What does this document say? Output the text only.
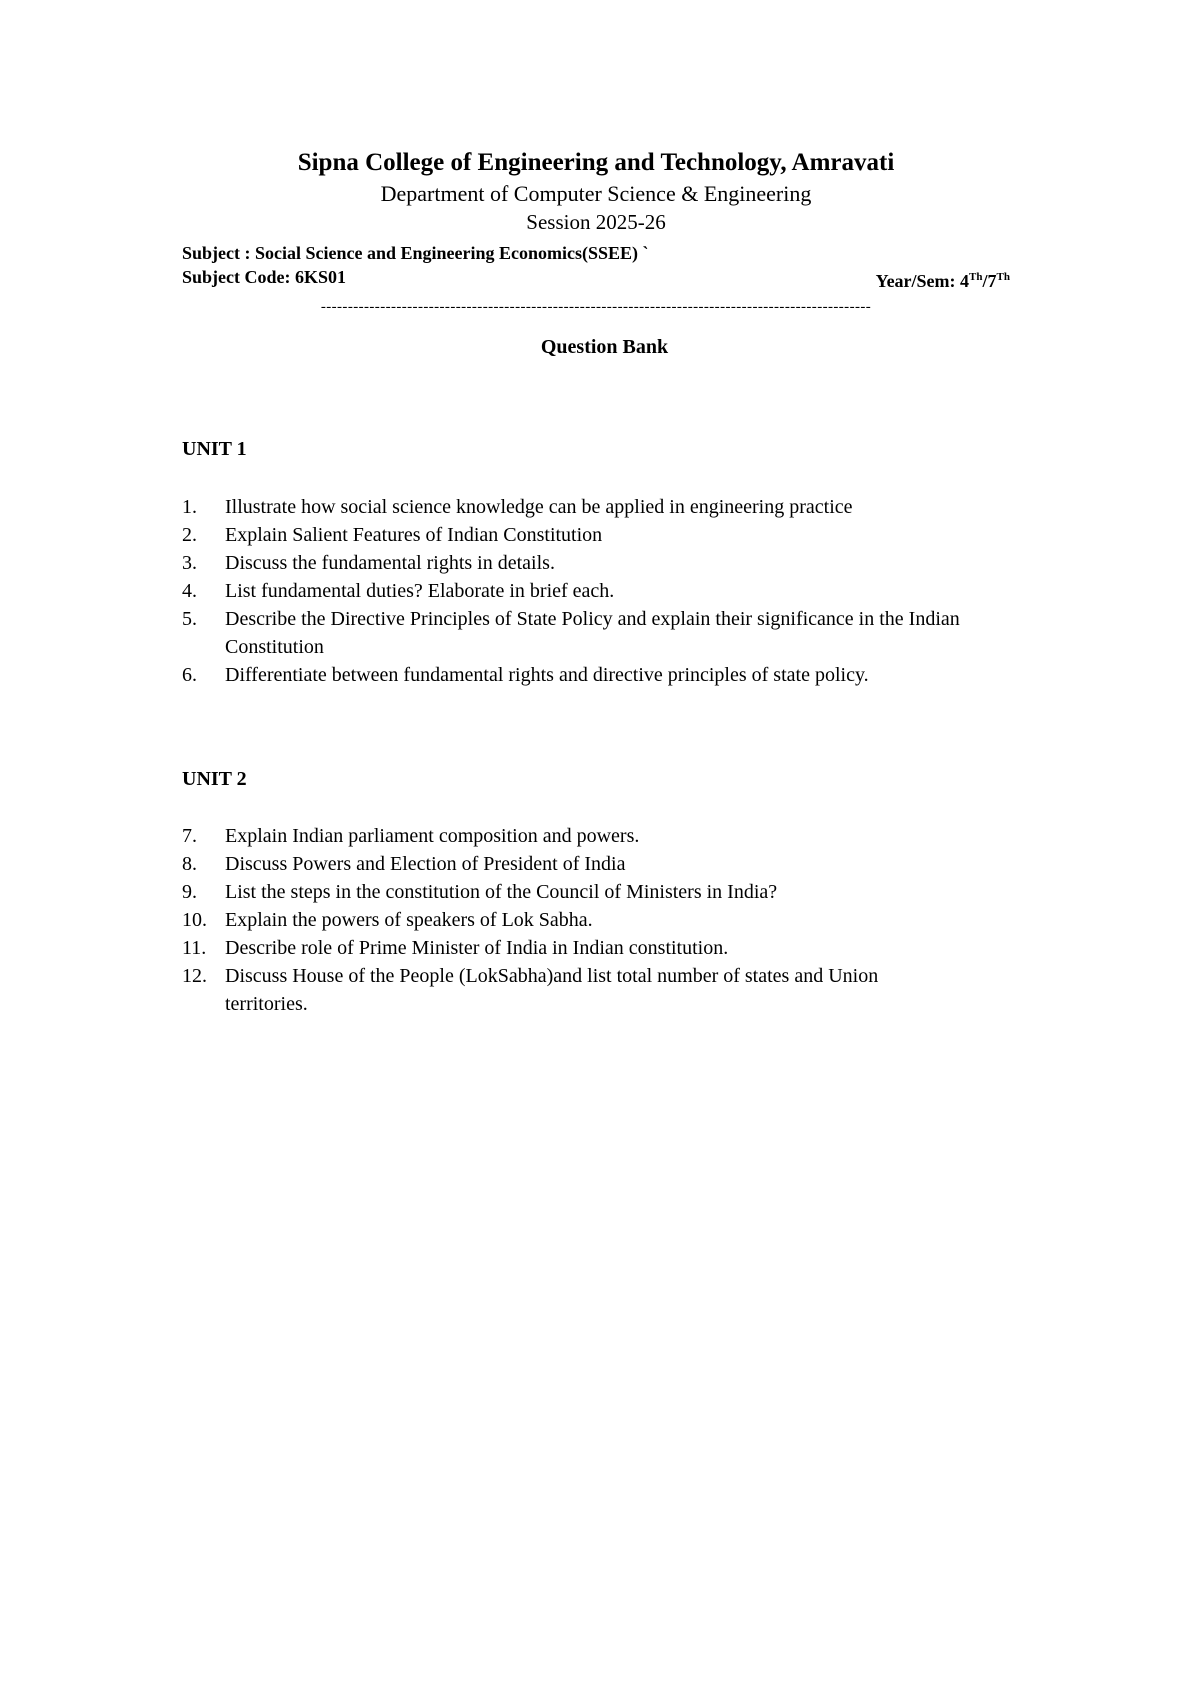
Sipna College of Engineering and Technology, Amravati

Department of Computer Science & Engineering

Session 2025-26

Subject : Social Science and Engineering Economics(SSEE) `
Subject Code: 6KS01	Year/Sem: 4Th/7Th
------------------------------------------------------------------------------------------------------
Question Bank
UNIT 1
1.	Illustrate how social science knowledge can be applied in engineering practice
2.	Explain Salient Features of Indian Constitution
3.	Discuss the fundamental rights in details.
4.	List fundamental duties? Elaborate in brief each.
5.	Describe the Directive Principles of State Policy and explain their significance in the Indian Constitution
6.	Differentiate between fundamental rights and directive principles of state policy.
UNIT 2
7.	Explain Indian parliament composition and powers.
8.	Discuss Powers and Election of President of India
9.	List the steps in the constitution of the Council of Ministers in India?
10. Explain the powers of speakers of Lok Sabha.
11. Describe role of Prime Minister of India in Indian constitution.
12. Discuss House of the People (LokSabha)and list total number of states and Union territories.
